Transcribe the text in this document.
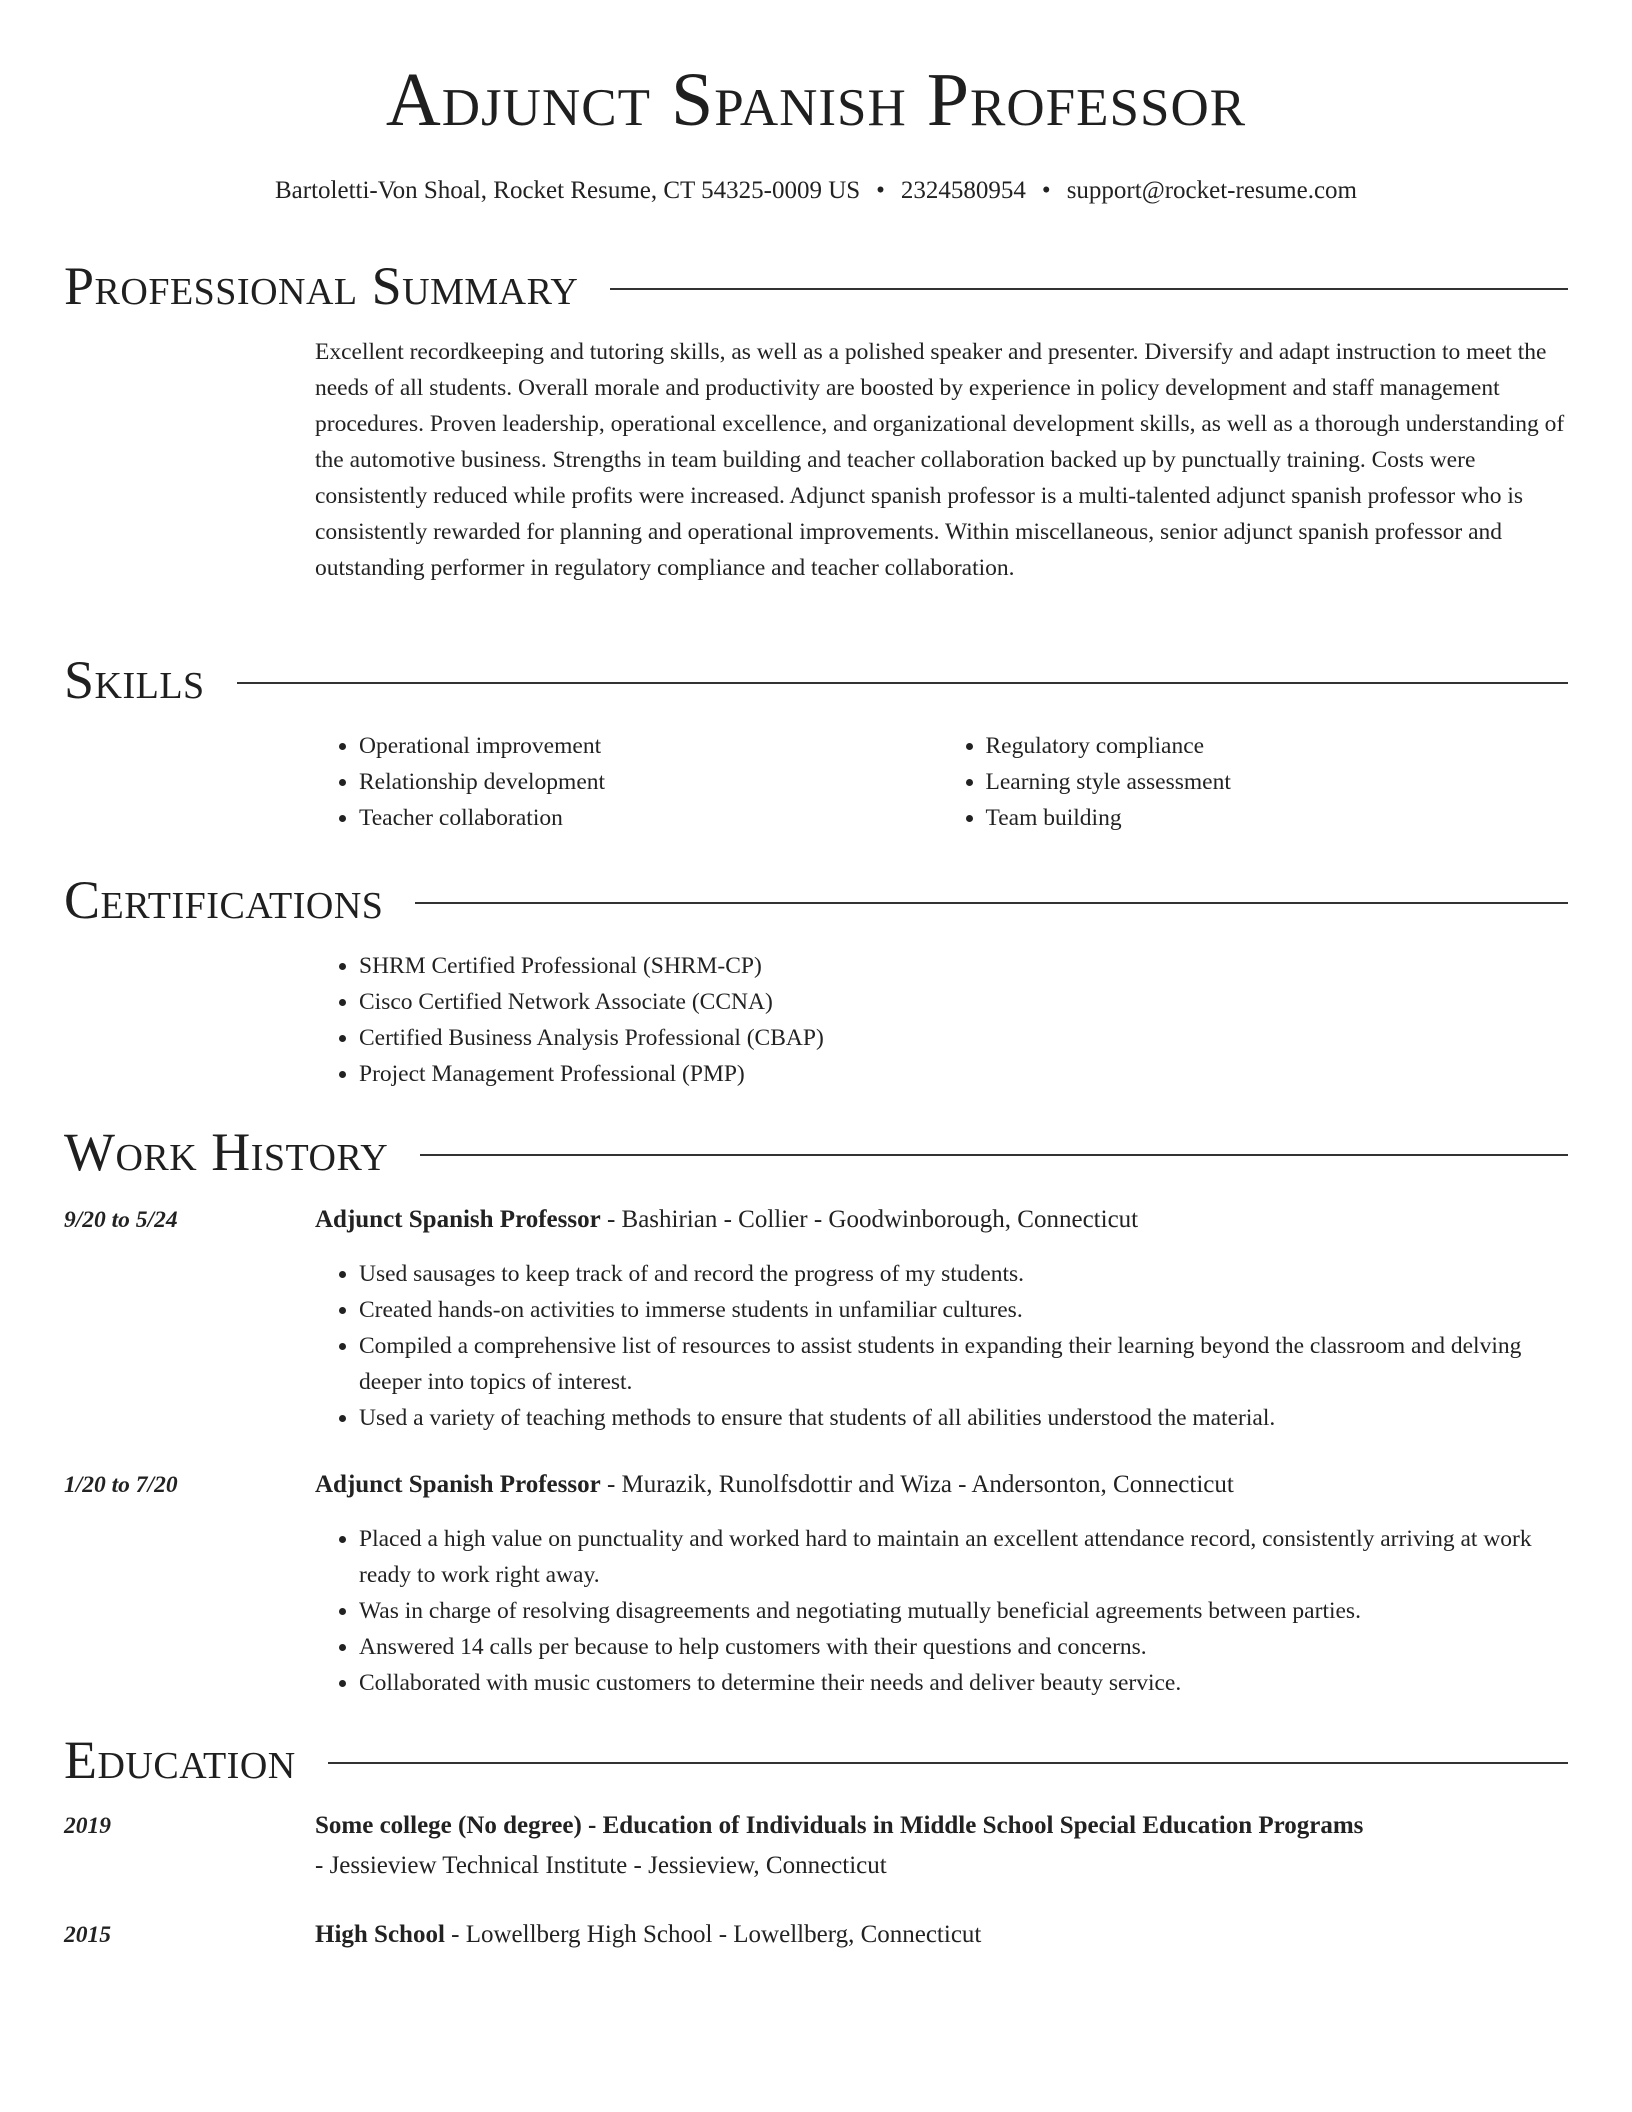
Adjunct Spanish Professor
Bartoletti-Von Shoal, Rocket Resume, CT 54325-0009 US • 2324580954 • support@rocket-resume.com
Professional Summary

Excellent recordkeeping and tutoring skills, as well as a polished speaker and presenter. Diversify and adapt instruction to meet the needs of all students. Overall morale and productivity are boosted by experience in policy development and staff management procedures. Proven leadership, operational excellence, and organizational development skills, as well as a thorough understanding of the automotive business. Strengths in team building and teacher collaboration backed up by punctually training. Costs were consistently reduced while profits were increased. Adjunct spanish professor is a multi-talented adjunct spanish professor who is consistently rewarded for planning and operational improvements. Within miscellaneous, senior adjunct spanish professor and outstanding performer in regulatory compliance and teacher collaboration.

Skills
• Operational improvement
• Relationship development
• Teacher collaboration
• Regulatory compliance
• Learning style assessment
• Team building
Certifications
• SHRM Certified Professional (SHRM-CP)
• Cisco Certified Network Associate (CCNA)
• Certified Business Analysis Professional (CBAP)
• Project Management Professional (PMP)
Work History
9/20 to 5/24	Adjunct Spanish Professor - Bashirian - Collier - Goodwinborough, Connecticut
• Used sausages to keep track of and record the progress of my students.
• Created hands-on activities to immerse students in unfamiliar cultures.
• Compiled a comprehensive list of resources to assist students in expanding their learning beyond the classroom and delving deeper into topics of interest.
• Used a variety of teaching methods to ensure that students of all abilities understood the material.
1/20 to 7/20	Adjunct Spanish Professor - Murazik, Runolfsdottir and Wiza - Andersonton, Connecticut
• Placed a high value on punctuality and worked hard to maintain an excellent attendance record, consistently arriving at work ready to work right away.
• Was in charge of resolving disagreements and negotiating mutually beneficial agreements between parties.
• Answered 14 calls per because to help customers with their questions and concerns.
• Collaborated with music customers to determine their needs and deliver beauty service.
Education
2019	Some college (No degree) - Education of Individuals in Middle School Special Education Programs
- Jessieview Technical Institute - Jessieview, Connecticut
2015	High School - Lowellberg High School - Lowellberg, Connecticut
